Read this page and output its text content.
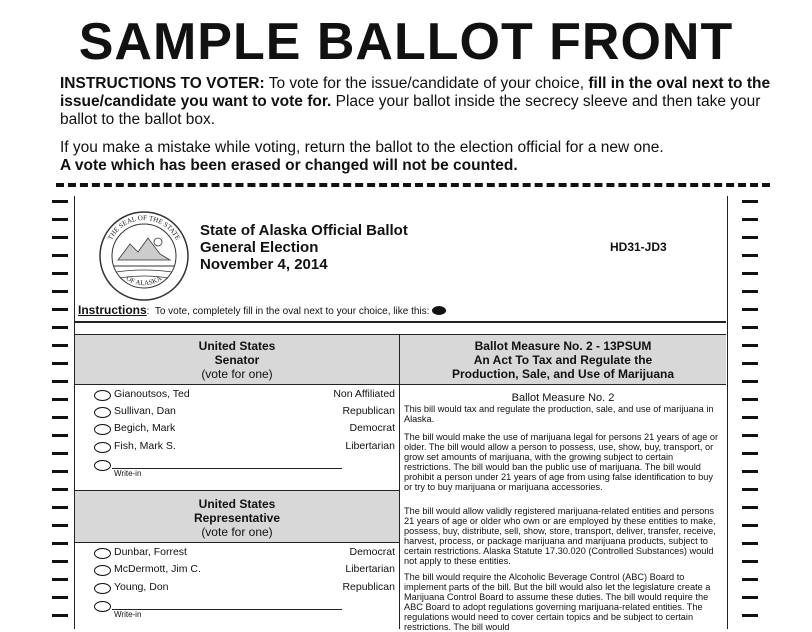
SAMPLE BALLOT FRONT
INSTRUCTIONS TO VOTER: To vote for the issue/candidate of your choice, fill in the oval next to the issue/candidate you want to vote for. Place your ballot inside the secrecy sleeve and then take your ballot to the ballot box.
If you make a mistake while voting, return the ballot to the election official for a new one.
A vote which has been erased or changed will not be counted.
THE SEAL OF THE STATE
OF ALASKA
State of Alaska Official Ballot
General Election
November 4, 2014
HD31-JD3
Instructions: To vote, completely fill in the oval next to your choice, like this:
United States
Senator
(vote for one)
Ballot Measure No. 2 - 13PSUM
An Act To Tax and Regulate the
Production, Sale, and Use of Marijuana
Gianoutsos, Ted	Non Affiliated
Sullivan, Dan	Republican
Begich, Mark	Democrat
Fish, Mark S.	Libertarian
Write-in
United States
Representative
(vote for one)
Dunbar, Forrest	Democrat
McDermott, Jim C.	Libertarian
Young, Don	Republican
Write-in
Ballot Measure No. 2

This bill would tax and regulate the production, sale, and use of marijuana in Alaska.

The bill would make the use of marijuana legal for persons 21 years of age or older. The bill would allow a person to possess, use, show, buy, transport, or grow set amounts of marijuana, with the growing subject to certain restrictions. The bill would ban the public use of marijuana. The bill would prohibit a person under 21 years of age from using false identification to buy or try to buy marijuana or marijuana accessories.

The bill would allow validly registered marijuana-related entities and persons 21 years of age or older who own or are employed by these entities to make, possess, buy, distribute, sell, show, store, transport, deliver, transfer, receive, harvest, process, or package marijuana and marijuana products, subject to certain restrictions. Alaska Statute 17.30.020 (Controlled Substances) would not apply to these entities.

The bill would require the Alcoholic Beverage Control (ABC) Board to implement parts of the bill. But the bill would also let the legislature create a Marijuana Control Board to assume these duties. The bill would require the ABC Board to adopt regulations governing marijuana-related entities. The regulations would need to cover certain topics and be subject to certain restrictions. The bill would
